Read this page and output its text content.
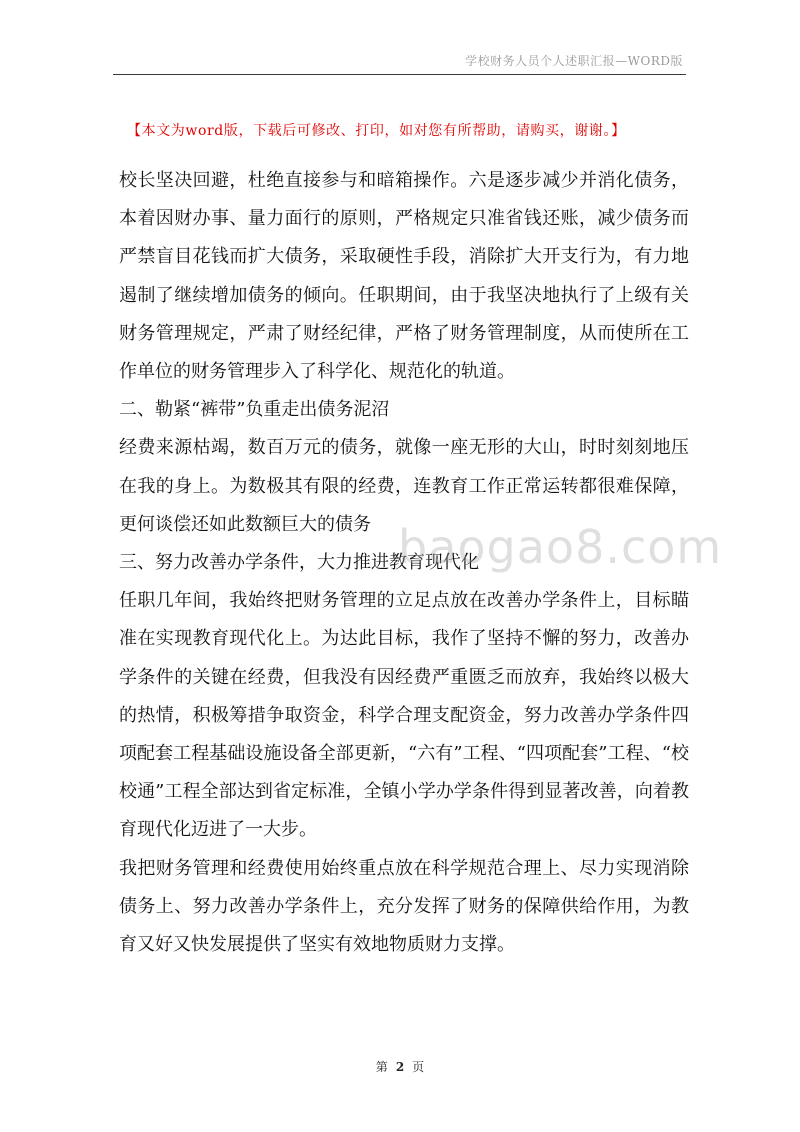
学校财务人员个人述职汇报—WORD版
【本文为word版，下载后可修改、打印，如对您有所帮助，请购买，谢谢。】

校长坚决回避，杜绝直接参与和暗箱操作。六是逐步减少并消化债务，本着因财办事、量力面行的原则，严格规定只准省钱还账，减少债务而严禁盲目花钱而扩大债务，采取硬性手段，消除扩大开支行为，有力地遏制了继续增加债务的倾向。任职期间，由于我坚决地执行了上级有关财务管理规定，严肃了财经纪律，严格了财务管理制度，从而使所在工作单位的财务管理步入了科学化、规范化的轨道。

二、勒紧“裤带”负重走出债务泥沼

经费来源枯竭，数百万元的债务，就像一座无形的大山，时时刻刻地压在我的身上。为数极其有限的经费，连教育工作正常运转都很难保障，更何谈偿还如此数额巨大的债务

三、努力改善办学条件，大力推进教育现代化

任职几年间，我始终把财务管理的立足点放在改善办学条件上，目标瞄准在实现教育现代化上。为达此目标，我作了坚持不懈的努力，改善办学条件的关键在经费，但我没有因经费严重匮乏而放弃，我始终以极大的热情，积极筹措争取资金，科学合理支配资金，努力改善办学条件四项配套工程基础设施设备全部更新，“六有”工程、“四项配套”工程、“校校通”工程全部达到省定标准，全镇小学办学条件得到显著改善，向着教育现代化迈进了一大步。

我把财务管理和经费使用始终重点放在科学规范合理上、尽力实现消除债务上、努力改善办学条件上，充分发挥了财务的保障供给作用，为教育又好又快发展提供了坚实有效地物质财力支撑。

baogao8.com
第 2 页
